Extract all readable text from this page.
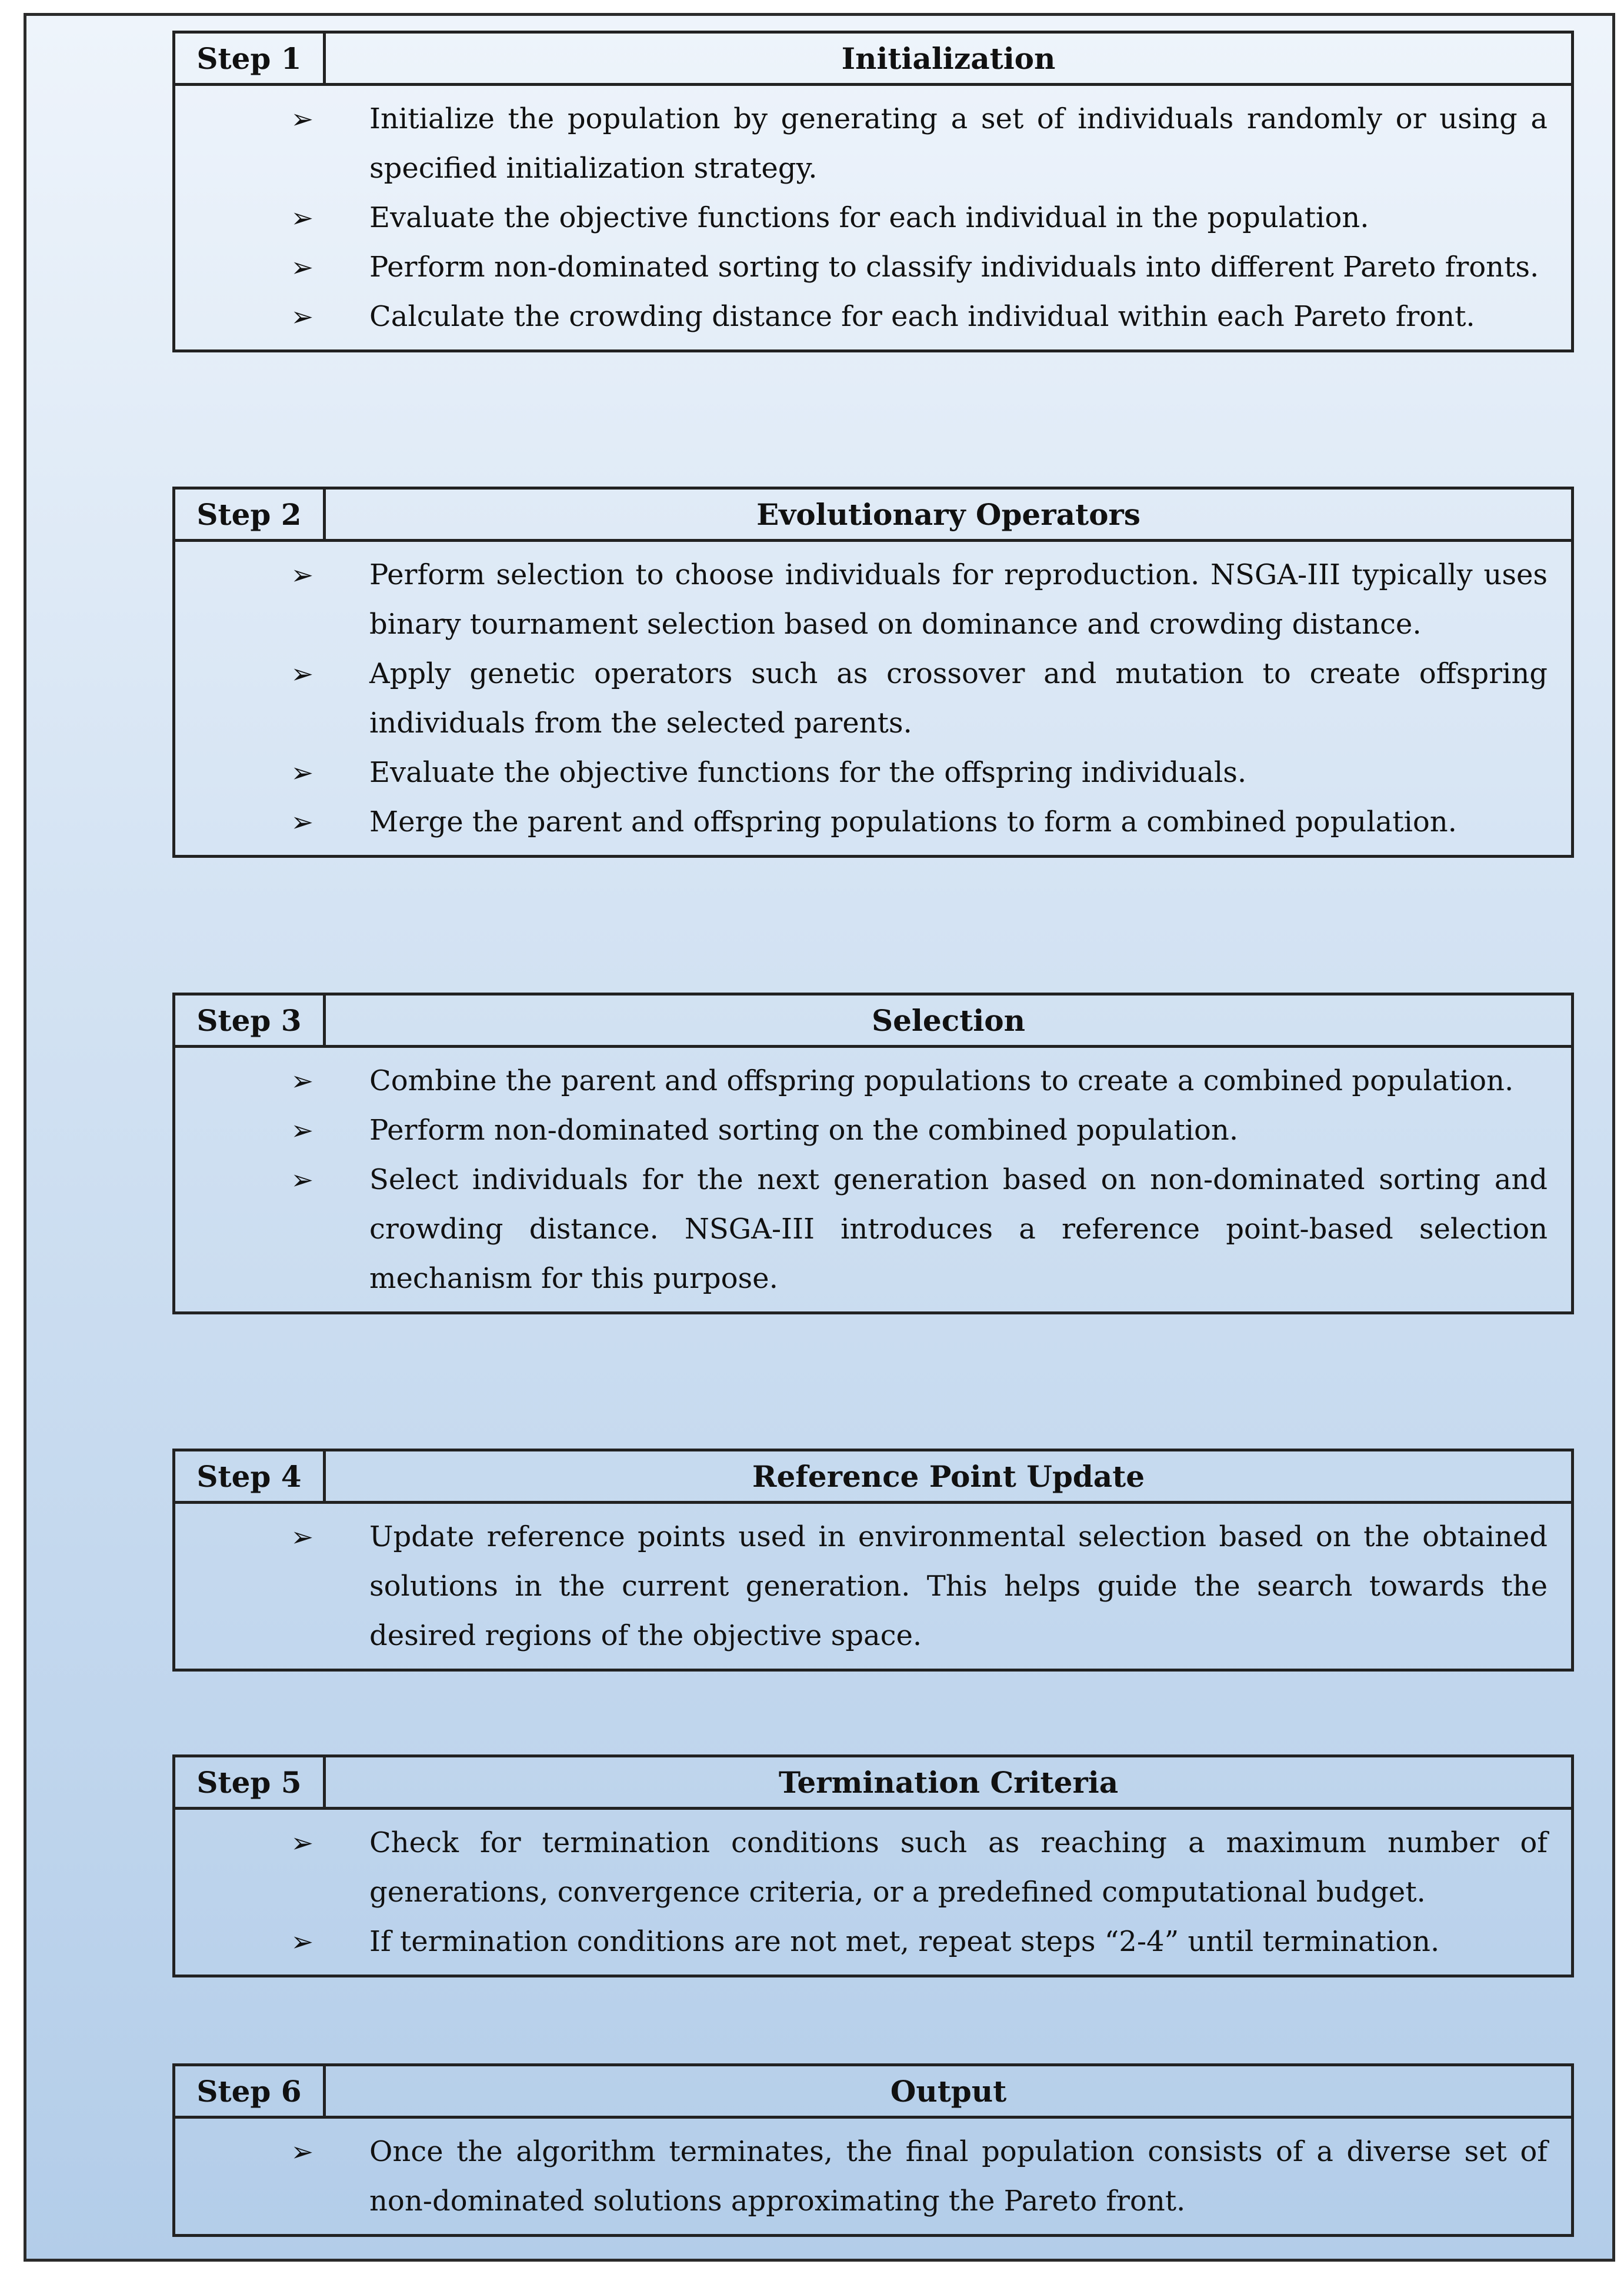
Step 1	Initialization
➢	Initialize the population by generating a set of individuals randomly or using a specified initialization strategy.
➢	Evaluate the objective functions for each individual in the population.
➢	Perform non-dominated sorting to classify individuals into different Pareto fronts.
➢	Calculate the crowding distance for each individual within each Pareto front.
Step 2	Evolutionary Operators
➢	Perform selection to choose individuals for reproduction. NSGA-III typically uses binary tournament selection based on dominance and crowding distance.
➢	Apply genetic operators such as crossover and mutation to create offspring individuals from the selected parents.
➢	Evaluate the objective functions for the offspring individuals.
➢	Merge the parent and offspring populations to form a combined population.
Step 3	Selection
➢	Combine the parent and offspring populations to create a combined population.
➢	Perform non-dominated sorting on the combined population.
➢	Select individuals for the next generation based on non-dominated sorting and crowding distance. NSGA-III introduces a reference point-based selection mechanism for this purpose.
Step 4	Reference Point Update
➢	Update reference points used in environmental selection based on the obtained solutions in the current generation. This helps guide the search towards the desired regions of the objective space.
Step 5	Termination Criteria
➢	Check for termination conditions such as reaching a maximum number of generations, convergence criteria, or a predefined computational budget.
➢	If termination conditions are not met, repeat steps “2-4” until termination.
Step 6	Output
➢	Once the algorithm terminates, the final population consists of a diverse set of non-dominated solutions approximating the Pareto front.
